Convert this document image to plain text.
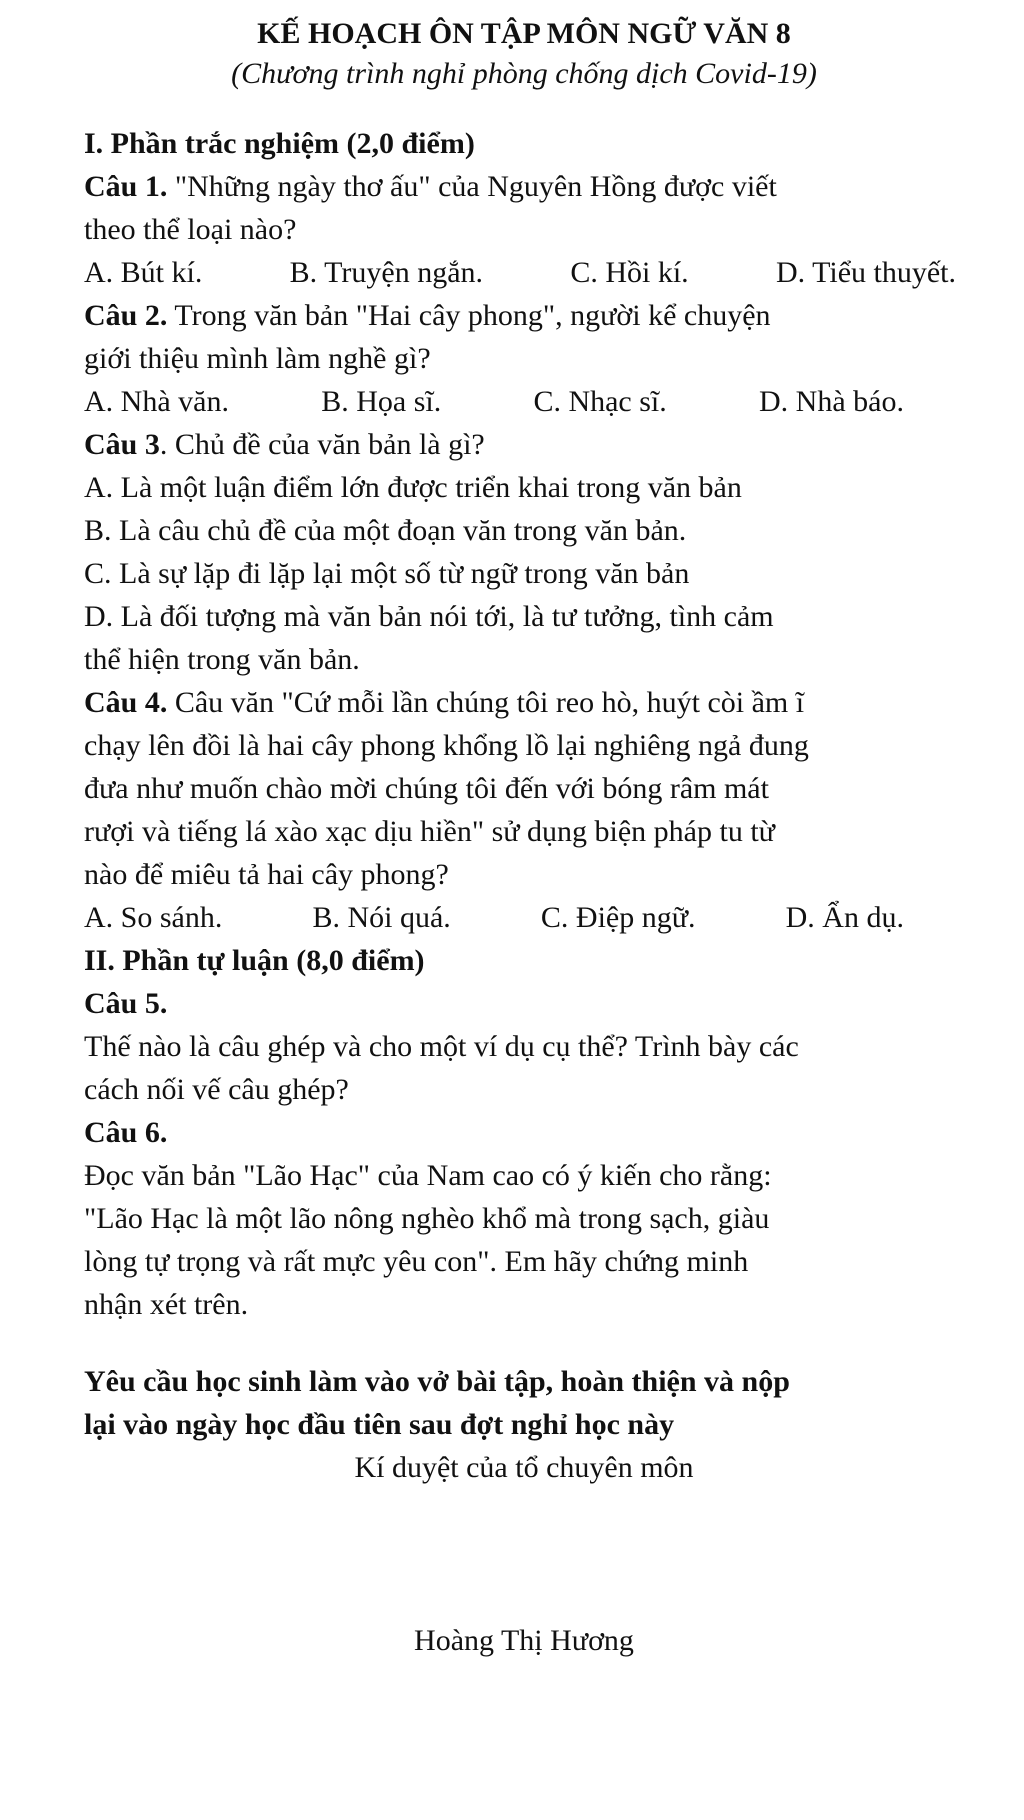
KẾ HOẠCH ÔN TẬP MÔN NGỮ VĂN 8

(Chương trình nghỉ phòng chống dịch Covid-19)

I. Phần trắc nghiệm (2,0 điểm)

Câu 1. "Những ngày thơ ấu" của Nguyên Hồng được viết

theo thể loại nào?

A. Bút kí.	B. Truyện ngắn.	C. Hồi kí.	D. Tiểu thuyết.

Câu 2. Trong văn bản "Hai cây phong", người kể chuyện

giới thiệu mình làm nghề gì?

A. Nhà văn.	B. Họa sĩ.	C. Nhạc sĩ.	D. Nhà báo.

Câu 3. Chủ đề của văn bản là gì?

A. Là một luận điểm lớn được triển khai trong văn bản

B. Là câu chủ đề của một đoạn văn trong văn bản.

C. Là sự lặp đi lặp lại một số từ ngữ trong văn bản

D. Là đối tượng mà văn bản nói tới, là tư tưởng, tình cảm

thể hiện trong văn bản.

Câu 4. Câu văn "Cứ mỗi lần chúng tôi reo hò, huýt còi ầm ĩ

chạy lên đồi là hai cây phong khổng lồ lại nghiêng ngả đung

đưa như muốn chào mời chúng tôi đến với bóng râm mát

rượi và tiếng lá xào xạc dịu hiền" sử dụng biện pháp tu từ

nào để miêu tả hai cây phong?

A. So sánh.	B. Nói quá.	C. Điệp ngữ.	D. Ẩn dụ.

II. Phần tự luận (8,0 điểm)

Câu 5.

Thế nào là câu ghép và cho một ví dụ cụ thể? Trình bày các

cách nối vế câu ghép?

Câu 6.

Đọc văn bản "Lão Hạc" của Nam cao có ý kiến cho rằng:

"Lão Hạc là một lão nông nghèo khổ mà trong sạch, giàu

lòng tự trọng và rất mực yêu con". Em hãy chứng minh

nhận xét trên.

Yêu cầu học sinh làm vào vở bài tập, hoàn thiện và nộp

lại vào ngày học đầu tiên sau đợt nghỉ học này

Kí duyệt của tổ chuyên môn

Hoàng Thị Hương
